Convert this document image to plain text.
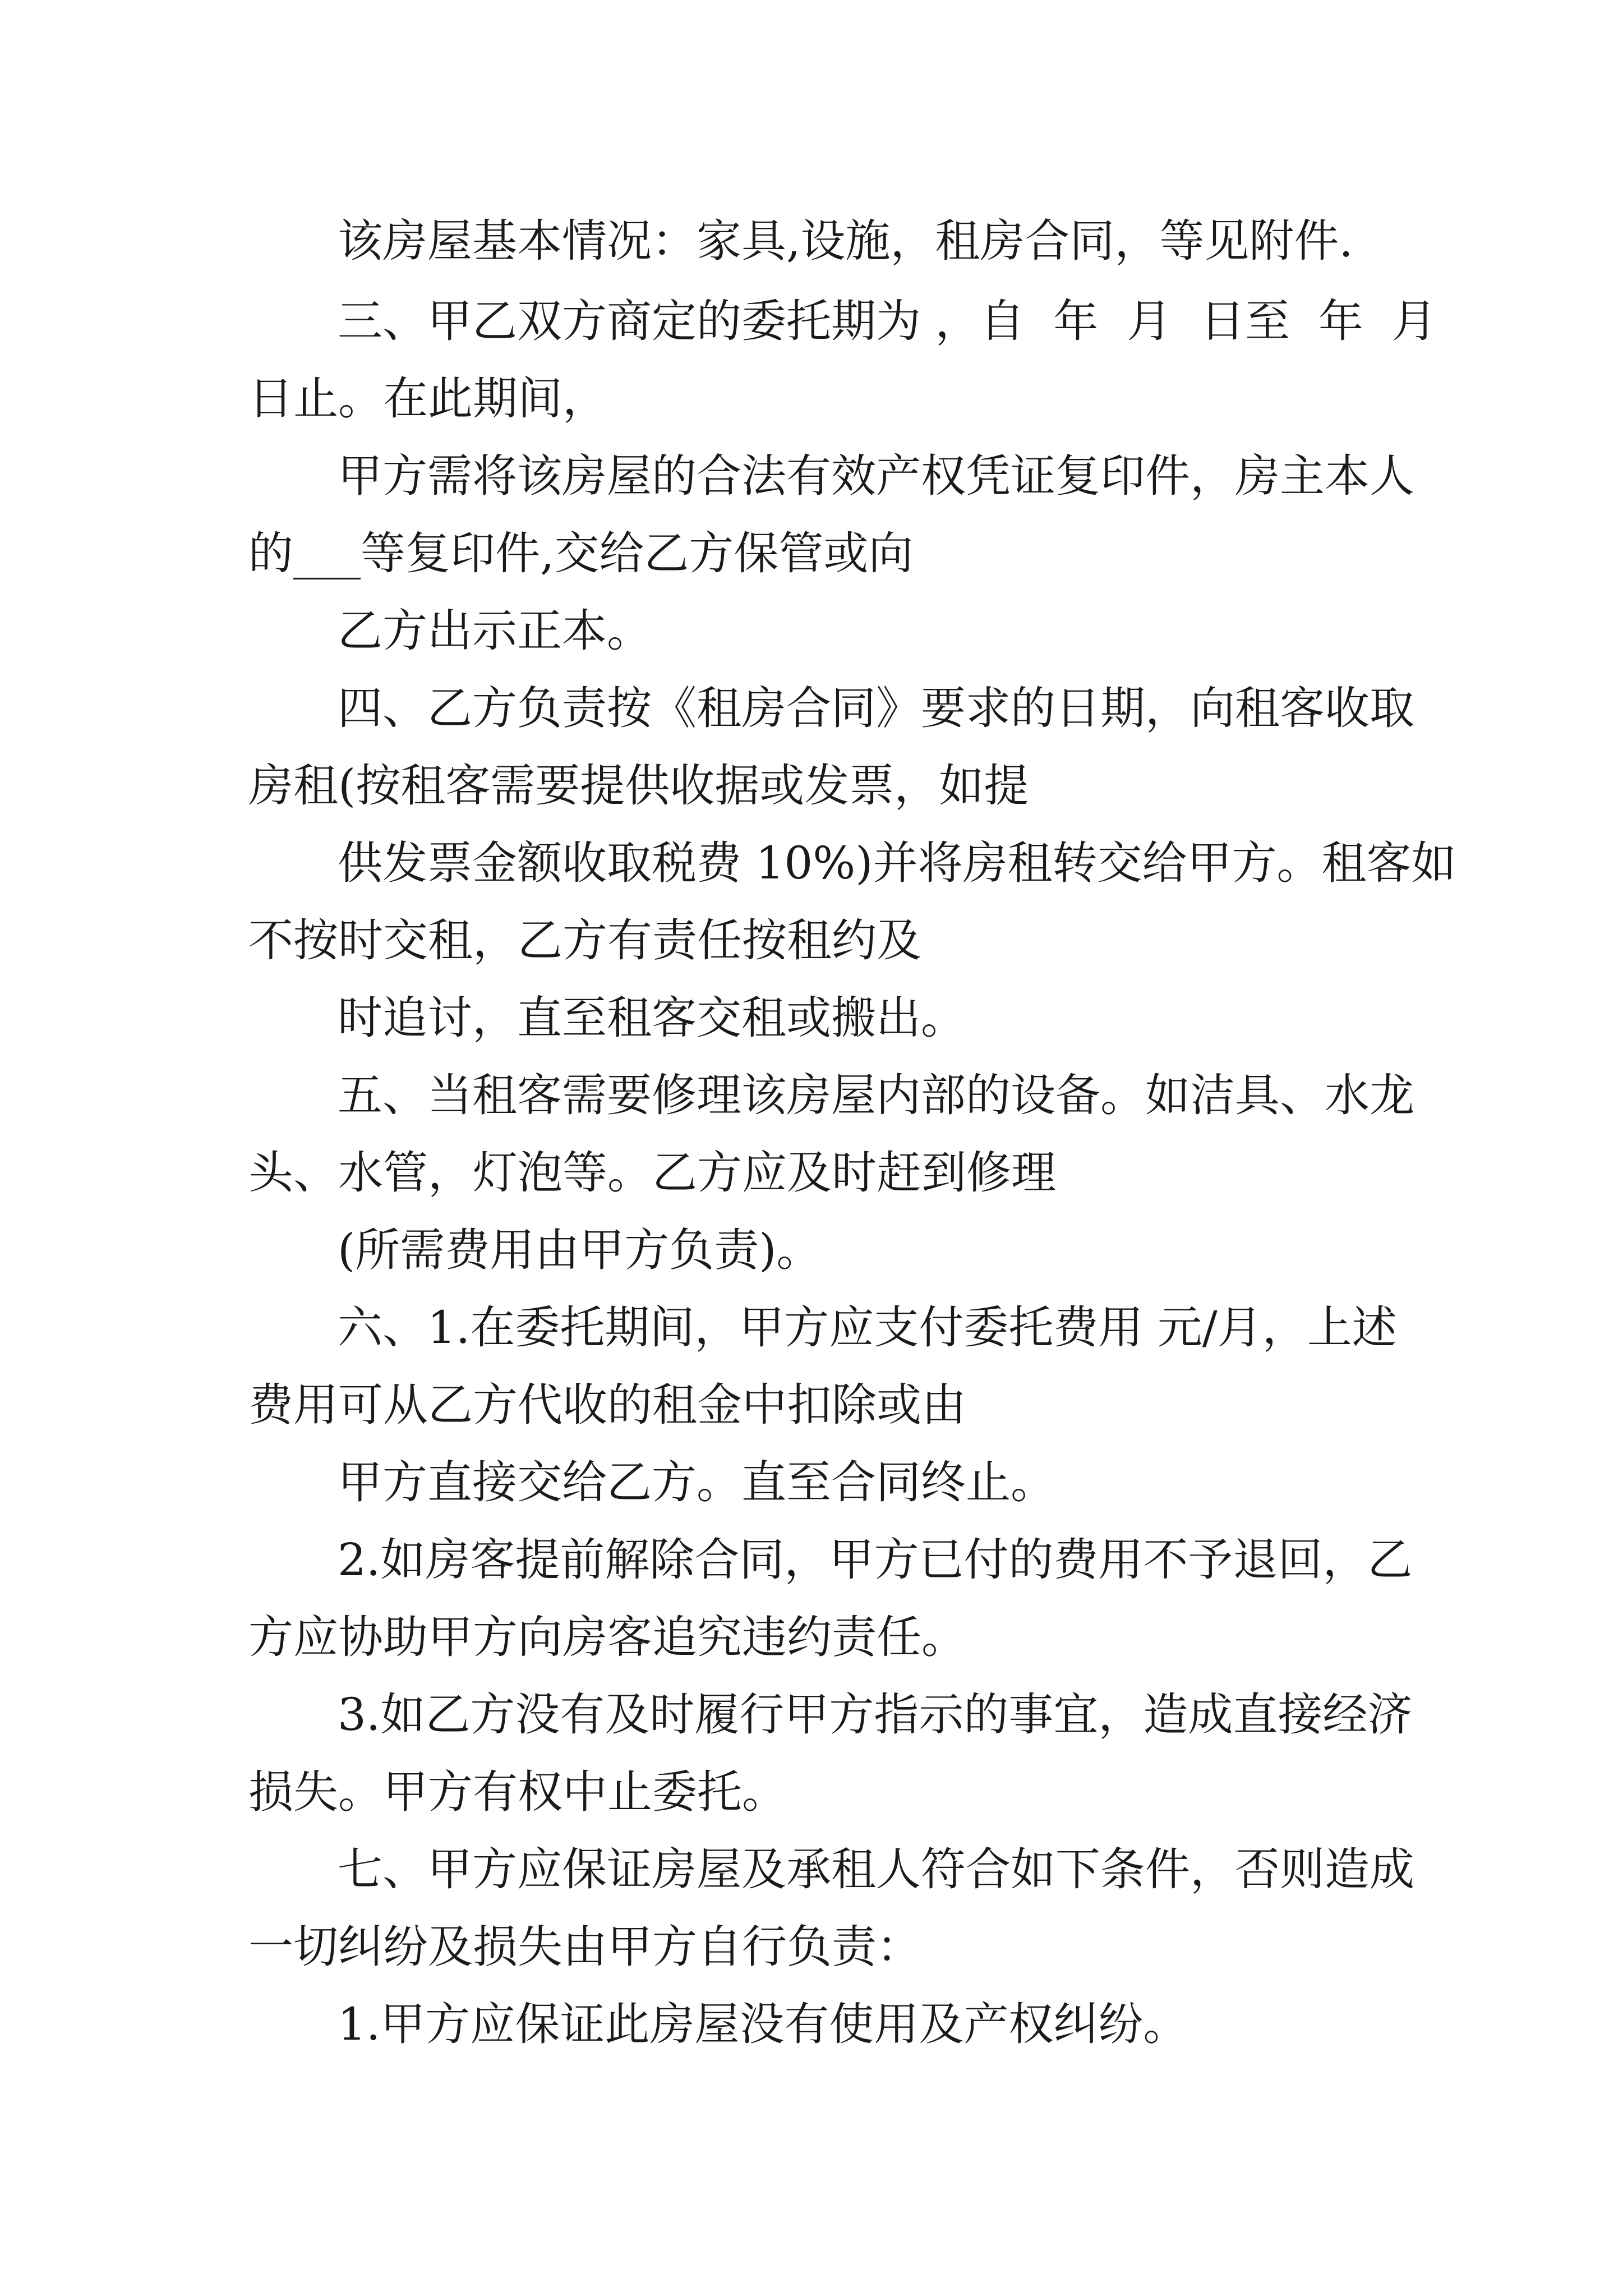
该房屋基本情况：家具,设施，租房合同，等见附件.

三、甲乙双方商定的委托期为 ，自  年  月  日至  年  月

日止。在此期间，

甲方需将该房屋的合法有效产权凭证复印件，房主本人

的___等复印件,交给乙方保管或向

乙方出示正本。

四、乙方负责按《租房合同》要求的日期，向租客收取

房租(按租客需要提供收据或发票，如提

供发票金额收取税费 10%)并将房租转交给甲方。租客如

不按时交租，乙方有责任按租约及

时追讨，直至租客交租或搬出。

五、当租客需要修理该房屋内部的设备。如洁具、水龙

头、水管，灯泡等。乙方应及时赶到修理

(所需费用由甲方负责)。

六、1.在委托期间，甲方应支付委托费用 元/月，上述

费用可从乙方代收的租金中扣除或由

甲方直接交给乙方。直至合同终止。

2.如房客提前解除合同，甲方已付的费用不予退回，乙

方应协助甲方向房客追究违约责任。

3.如乙方没有及时履行甲方指示的事宜，造成直接经济

损失。甲方有权中止委托。

七、甲方应保证房屋及承租人符合如下条件，否则造成

一切纠纷及损失由甲方自行负责：

1.甲方应保证此房屋没有使用及产权纠纷。
